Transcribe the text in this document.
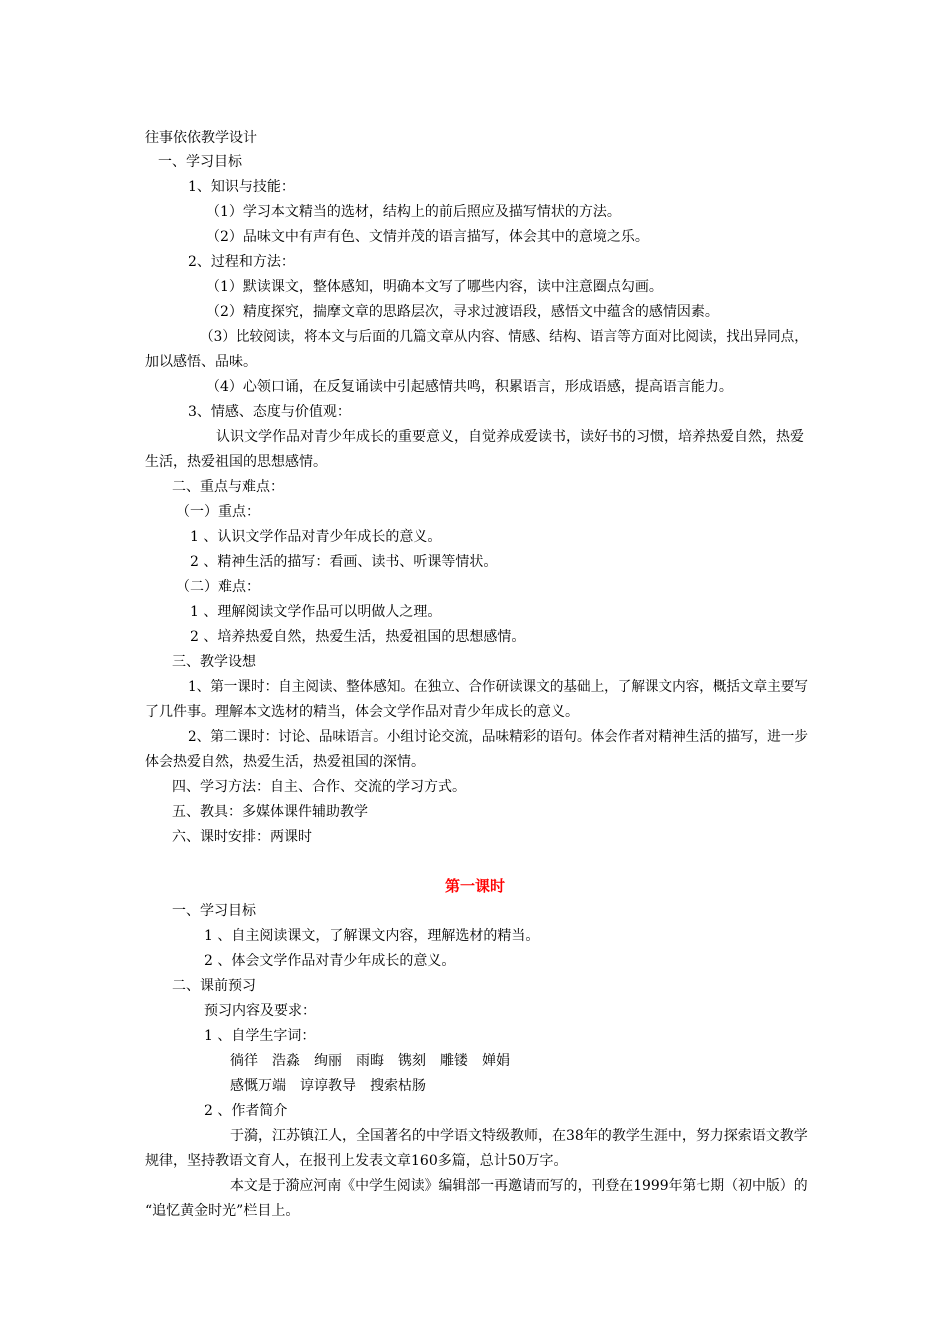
往事依依教学设计
一、学习目标
1、知识与技能：
（1）学习本文精当的选材，结构上的前后照应及描写情状的方法。
（2）品味文中有声有色、文情并茂的语言描写，体会其中的意境之乐。
2、过程和方法：
（1）默读课文，整体感知，明确本文写了哪些内容，读中注意圈点勾画。
（2）精度探究，揣摩文章的思路层次，寻求过渡语段，感悟文中蕴含的感情因素。
（3）比较阅读，将本文与后面的几篇文章从内容、情感、结构、语言等方面对比阅读，找出异同点，
加以感悟、品味。
（4）心领口诵，在反复诵读中引起感情共鸣，积累语言，形成语感，提高语言能力。
3、情感、态度与价值观：
认识文学作品对青少年成长的重要意义，自觉养成爱读书，读好书的习惯，培养热爱自然，热爱
生活，热爱祖国的思想感情。
二、重点与难点：
（一）重点：
1 、认识文学作品对青少年成长的意义。
2 、精神生活的描写：看画、读书、听课等情状。
（二）难点：
1 、理解阅读文学作品可以明做人之理。
2 、培养热爱自然，热爱生活，热爱祖国的思想感情。
三、教学设想
1、第一课时：自主阅读、整体感知。在独立、合作研读课文的基础上，了解课文内容，概括文章主要写
了几件事。理解本文选材的精当，体会文学作品对青少年成长的意义。
2、第二课时：讨论、品味语言。小组讨论交流，品味精彩的语句。体会作者对精神生活的描写，进一步
体会热爱自然，热爱生活，热爱祖国的深情。
四、学习方法：自主、合作、交流的学习方式。
五、教具：多媒体课件辅助教学
六、课时安排：两课时
第一课时
一、学习目标
1 、自主阅读课文，了解课文内容，理解选材的精当。
2 、体会文学作品对青少年成长的意义。
二、课前预习
预习内容及要求：
1 、自学生字词：
徜徉　浩淼　绚丽　雨晦　镌刻　雕镂　婵娟
感慨万端　谆谆教导　搜索枯肠
2 、作者简介
于漪，江苏镇江人，全国著名的中学语文特级教师，在38年的教学生涯中，努力探索语文教学
规律，坚持教语文育人，在报刊上发表文章160多篇，总计50万字。
本文是于漪应河南《中学生阅读》编辑部一再邀请而写的，刊登在1999年第七期（初中版）的
“追忆黄金时光”栏目上。
